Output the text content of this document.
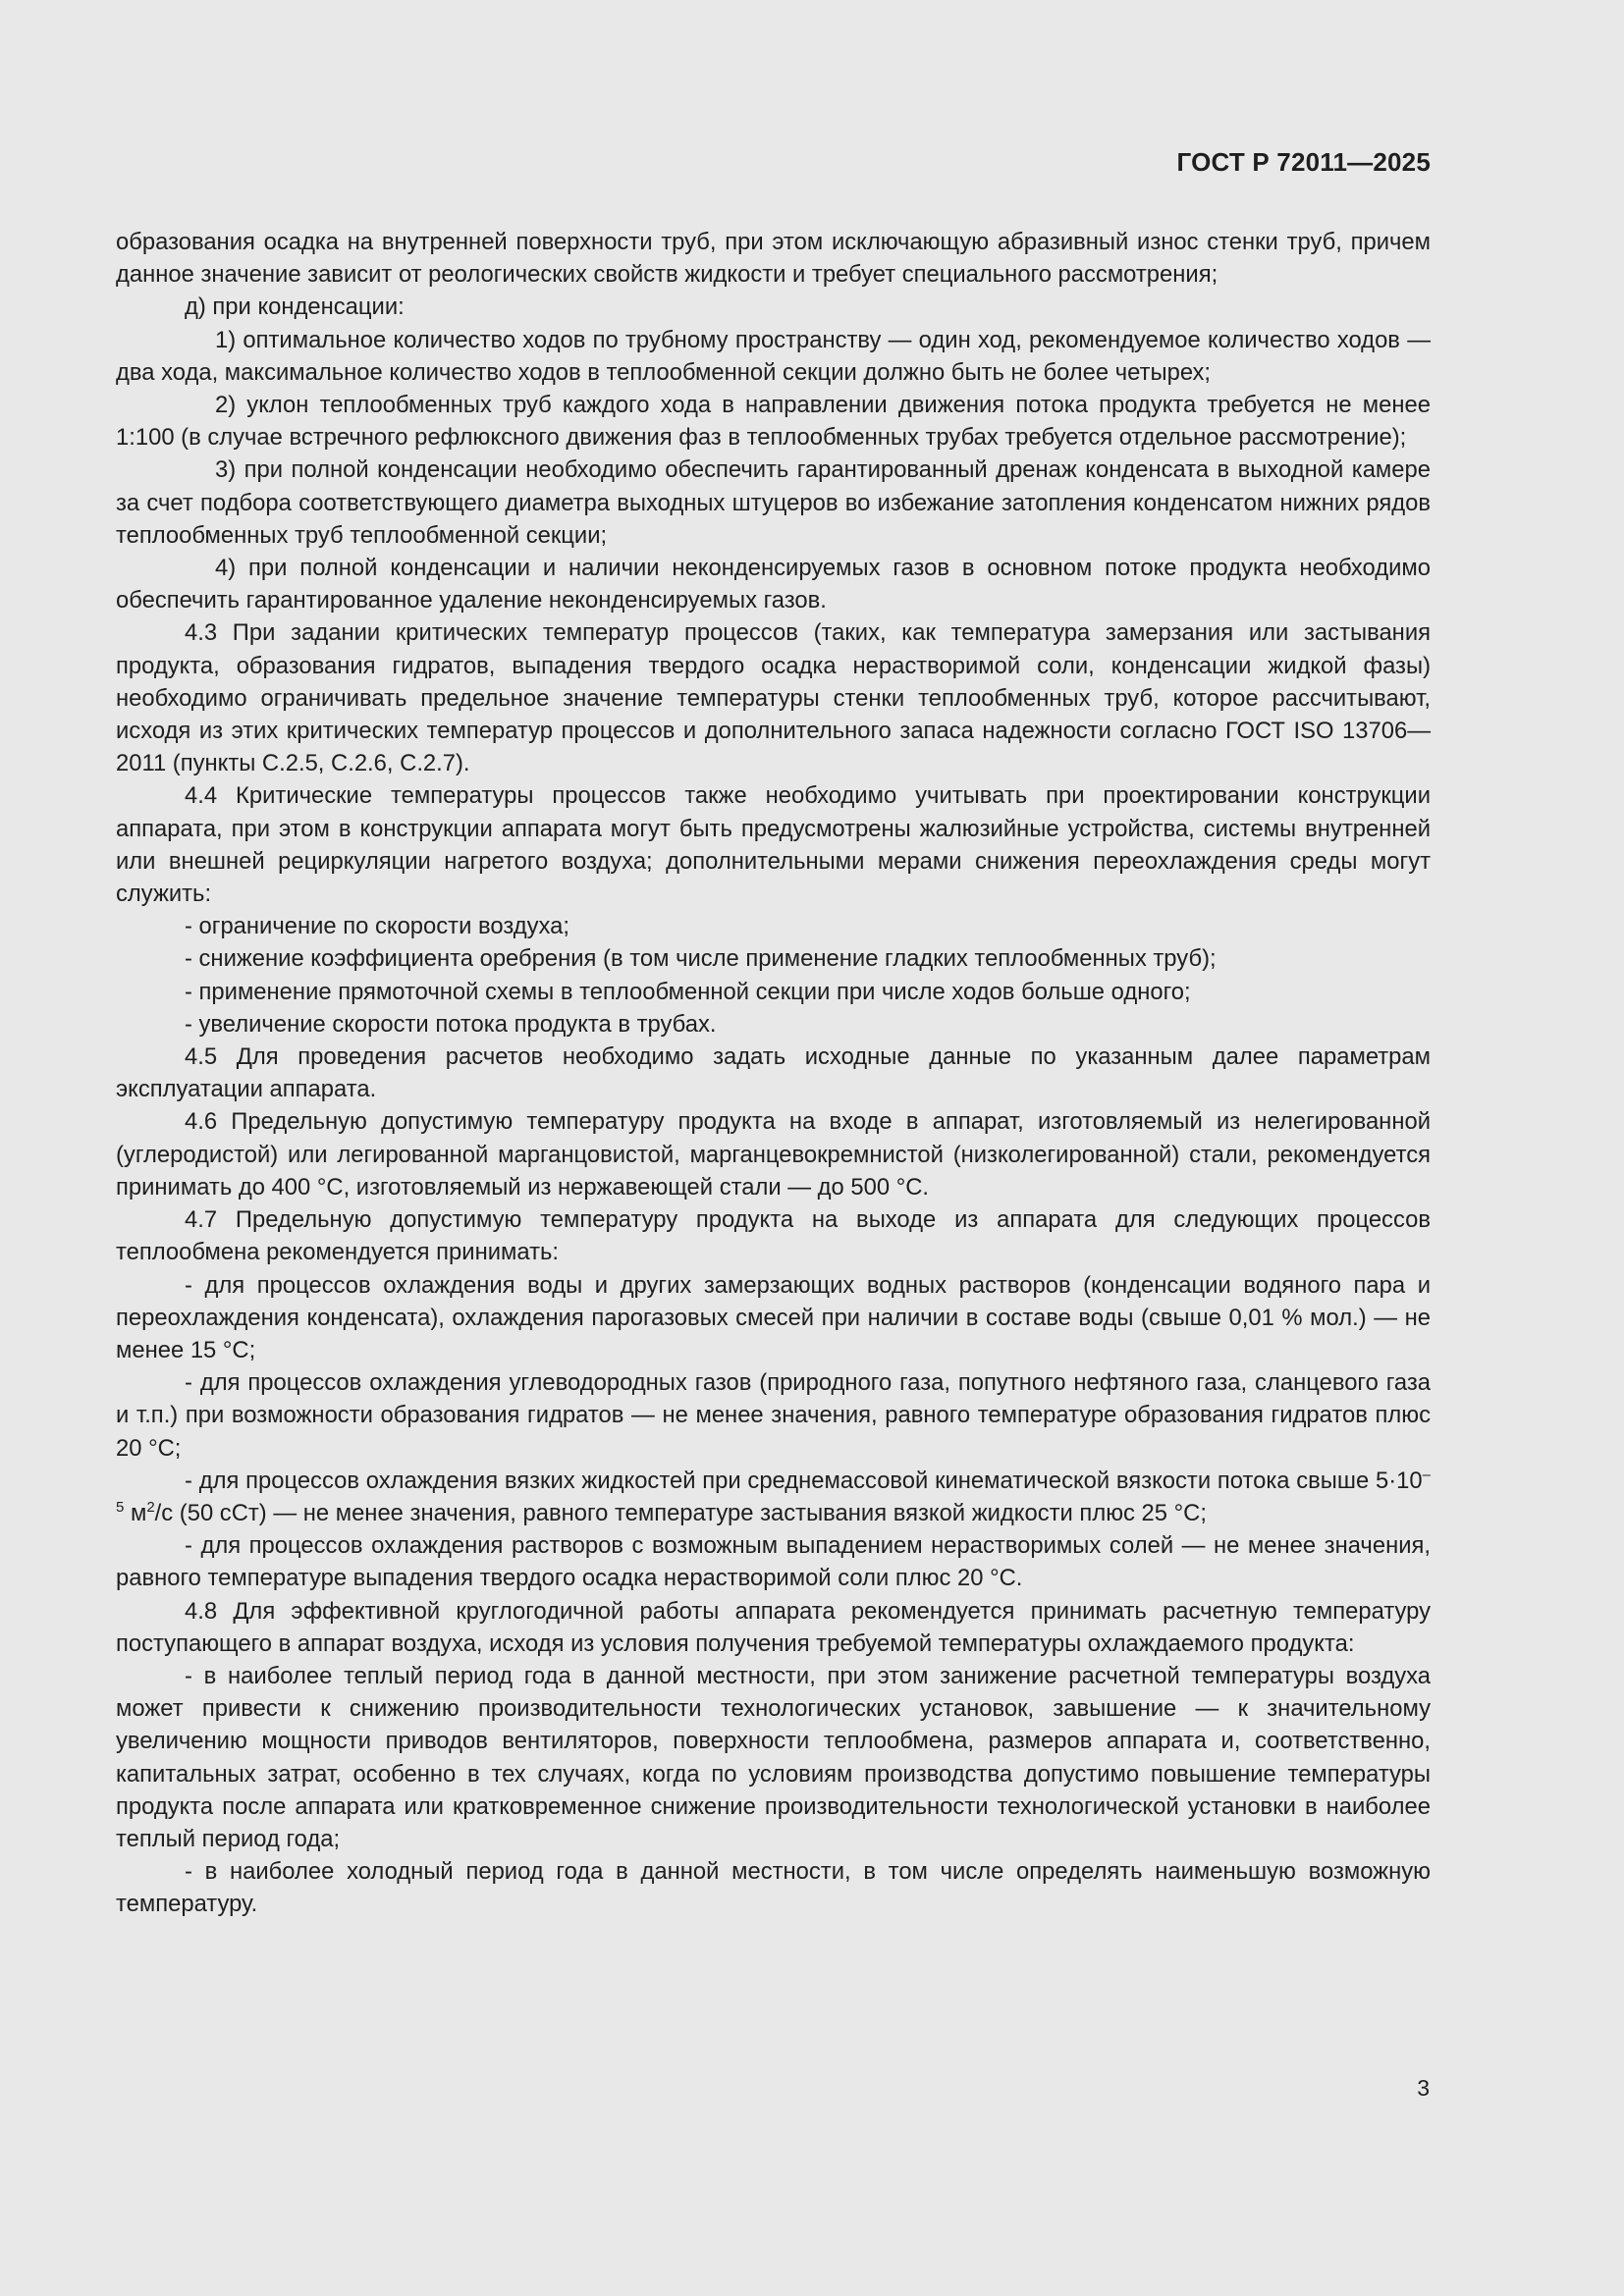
ГОСТ Р 72011—2025

образования осадка на внутренней поверхности труб, при этом исключающую абразивный износ стенки труб, причем данное значение зависит от реологических свойств жидкости и требует специального рассмотрения;

д) при конденсации:

1) оптимальное количество ходов по трубному пространству — один ход, рекомендуемое количество ходов — два хода, максимальное количество ходов в теплообменной секции должно быть не более четырех;

2) уклон теплообменных труб каждого хода в направлении движения потока продукта требуется не менее 1:100 (в случае встречного рефлюксного движения фаз в теплообменных трубах требуется отдельное рассмотрение);

3) при полной конденсации необходимо обеспечить гарантированный дренаж конденсата в выходной камере за счет подбора соответствующего диаметра выходных штуцеров во избежание затопления конденсатом нижних рядов теплообменных труб теплообменной секции;

4) при полной конденсации и наличии неконденсируемых газов в основном потоке продукта необходимо обеспечить гарантированное удаление неконденсируемых газов.

4.3 При задании критических температур процессов (таких, как температура замерзания или застывания продукта, образования гидратов, выпадения твердого осадка нерастворимой соли, конденсации жидкой фазы) необходимо ограничивать предельное значение температуры стенки теплообменных труб, которое рассчитывают, исходя из этих критических температур процессов и дополнительного запаса надежности согласно ГОСТ ISO 13706—2011 (пункты С.2.5, С.2.6, С.2.7).

4.4 Критические температуры процессов также необходимо учитывать при проектировании конструкции аппарата, при этом в конструкции аппарата могут быть предусмотрены жалюзийные устройства, системы внутренней или внешней рециркуляции нагретого воздуха; дополнительными мерами снижения переохлаждения среды могут служить:

- ограничение по скорости воздуха;

- снижение коэффициента оребрения (в том числе применение гладких теплообменных труб);

- применение прямоточной схемы в теплообменной секции при числе ходов больше одного;

- увеличение скорости потока продукта в трубах.

4.5 Для проведения расчетов необходимо задать исходные данные по указанным далее параметрам эксплуатации аппарата.

4.6 Предельную допустимую температуру продукта на входе в аппарат, изготовляемый из нелегированной (углеродистой) или легированной марганцовистой, марганцевокремнистой (низколегированной) стали, рекомендуется принимать до 400 °С, изготовляемый из нержавеющей стали — до 500 °С.

4.7 Предельную допустимую температуру продукта на выходе из аппарата для следующих процессов теплообмена рекомендуется принимать:

- для процессов охлаждения воды и других замерзающих водных растворов (конденсации водяного пара и переохлаждения конденсата), охлаждения парогазовых смесей при наличии в составе воды (свыше 0,01 % мол.) — не менее 15 °С;

- для процессов охлаждения углеводородных газов (природного газа, попутного нефтяного газа, сланцевого газа и т.п.) при возможности образования гидратов — не менее значения, равного температуре образования гидратов плюс 20 °С;

- для процессов охлаждения вязких жидкостей при среднемассовой кинематической вязкости потока свыше $5\cdot 10^{-5}$ $м^2/с$ (50 сСт) — не менее значения, равного температуре застывания вязкой жидкости плюс 25 °С;

- для процессов охлаждения растворов с возможным выпадением нерастворимых солей — не менее значения, равного температуре выпадения твердого осадка нерастворимой соли плюс 20 °С.

4.8 Для эффективной круглогодичной работы аппарата рекомендуется принимать расчетную температуру поступающего в аппарат воздуха, исходя из условия получения требуемой температуры охлаждаемого продукта:

- в наиболее теплый период года в данной местности, при этом занижение расчетной температуры воздуха может привести к снижению производительности технологических установок, завышение — к значительному увеличению мощности приводов вентиляторов, поверхности теплообмена, размеров аппарата и, соответственно, капитальных затрат, особенно в тех случаях, когда по условиям производства допустимо повышение температуры продукта после аппарата или кратковременное снижение производительности технологической установки в наиболее теплый период года;

- в наиболее холодный период года в данной местности, в том числе определять наименьшую возможную температуру.

3
